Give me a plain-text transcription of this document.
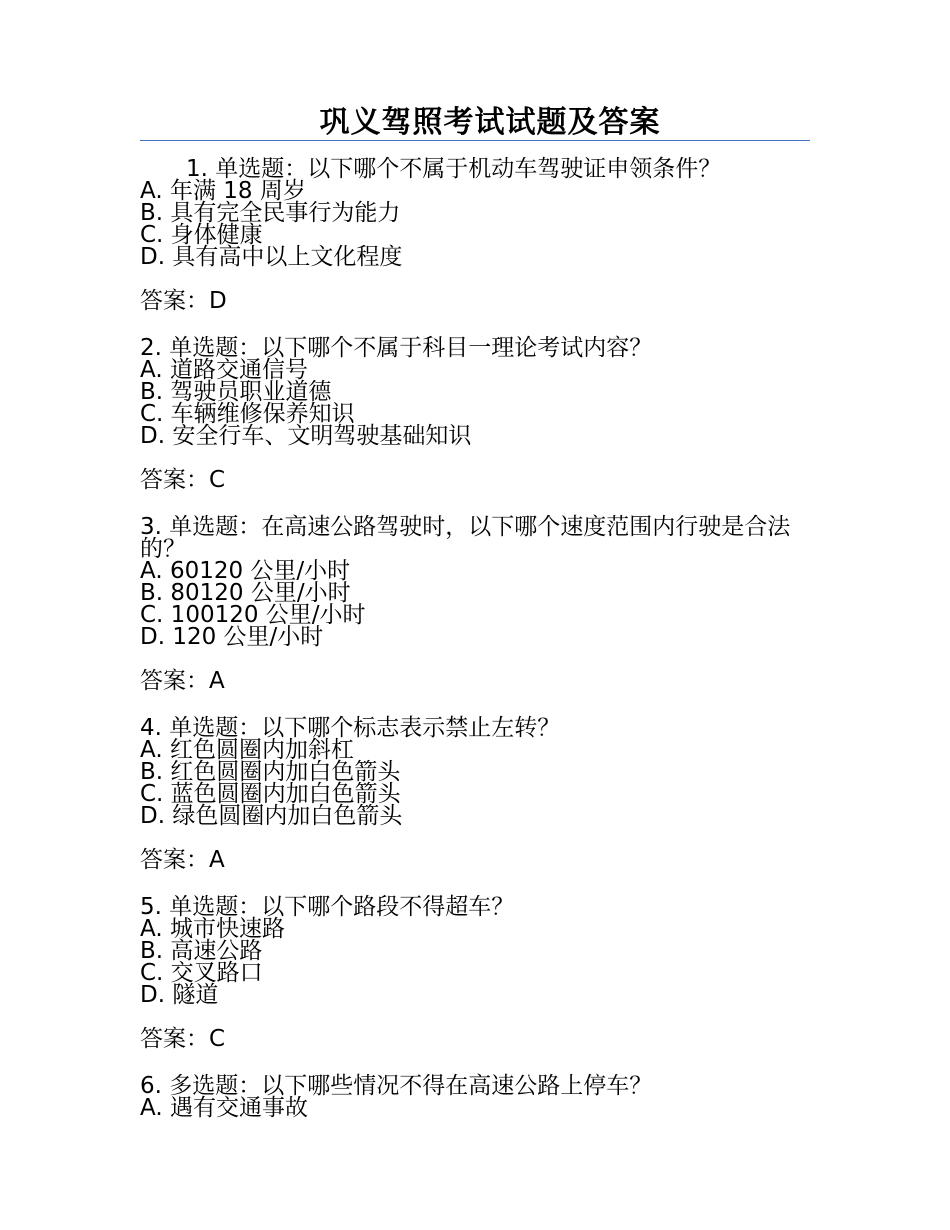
巩义驾照考试试题及答案
1. 单选题：以下哪个不属于机动车驾驶证申领条件？
A. 年满 18 周岁
B. 具有完全民事行为能力
C. 身体健康
D. 具有高中以上文化程度
答案：D
2. 单选题：以下哪个不属于科目一理论考试内容？
A. 道路交通信号
B. 驾驶员职业道德
C. 车辆维修保养知识
D. 安全行车、文明驾驶基础知识
答案：C
3. 单选题：在高速公路驾驶时，以下哪个速度范围内行驶是合法的？
A. 60120 公里/小时
B. 80120 公里/小时
C. 100120 公里/小时
D. 120 公里/小时
答案：A
4. 单选题：以下哪个标志表示禁止左转？
A. 红色圆圈内加斜杠
B. 红色圆圈内加白色箭头
C. 蓝色圆圈内加白色箭头
D. 绿色圆圈内加白色箭头
答案：A
5. 单选题：以下哪个路段不得超车？
A. 城市快速路
B. 高速公路
C. 交叉路口
D. 隧道
答案：C
6. 多选题：以下哪些情况不得在高速公路上停车？
A. 遇有交通事故
